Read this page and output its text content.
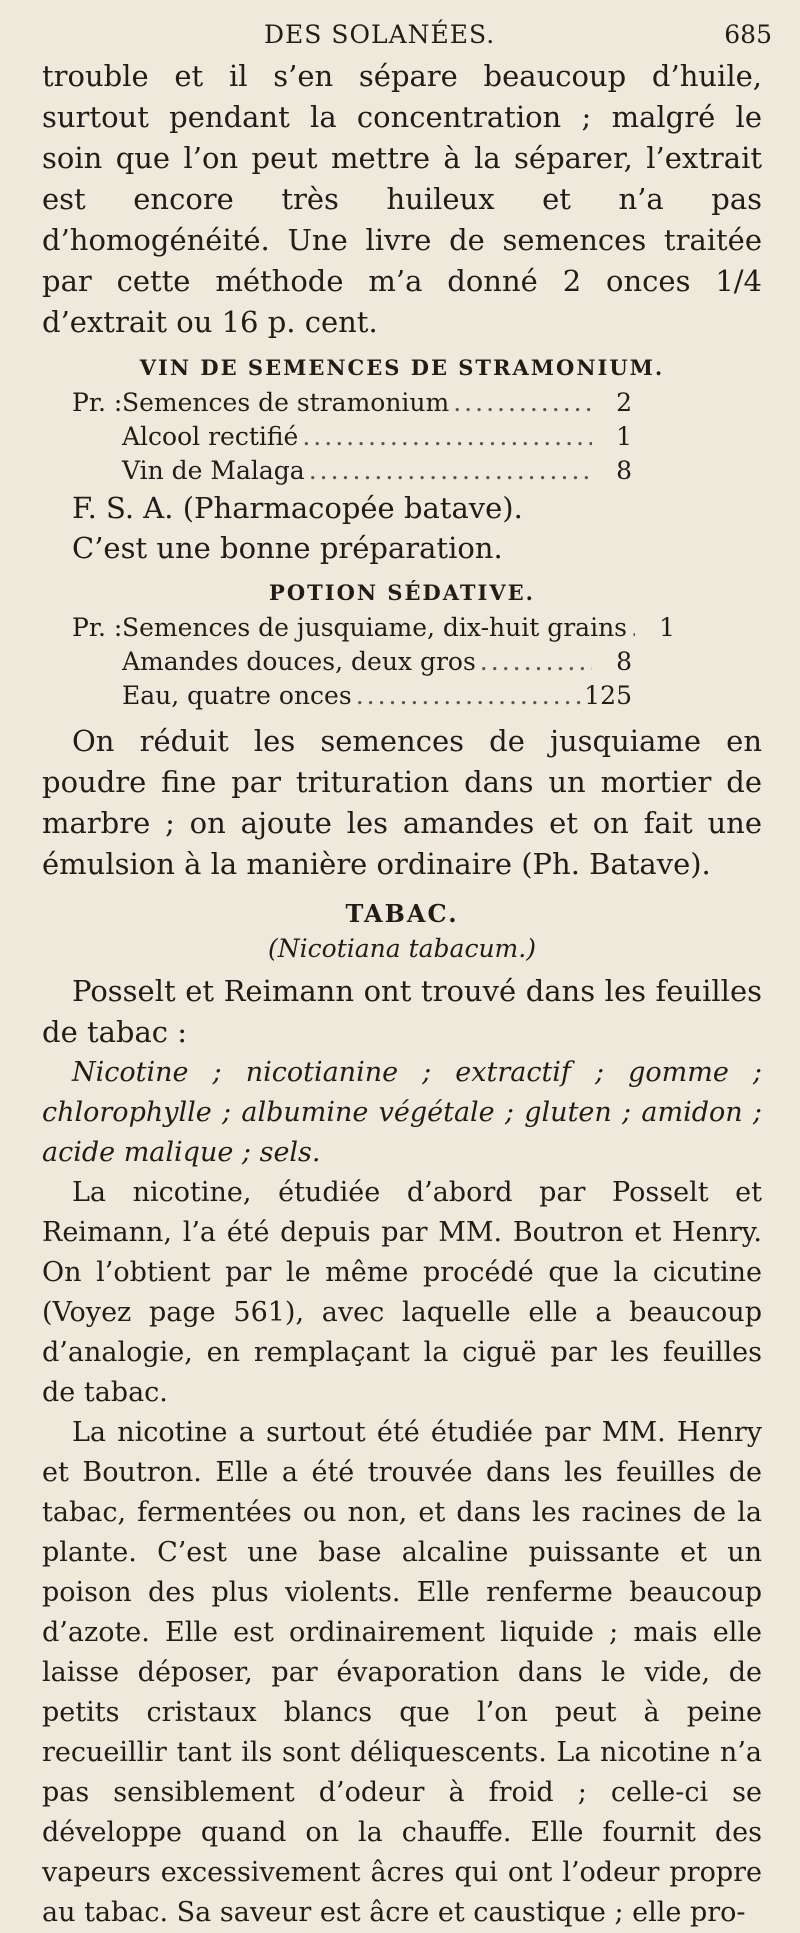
DES SOLANÉES.	685

trouble et il s’en sépare beaucoup d’huile, surtout pendant la concentration ; malgré le soin que l’on peut mettre à la séparer, l’extrait est encore très huileux et n’a pas d’homogénéité. Une livre de semences traitée par cette méthode m’a donné 2 onces 1/4 d’extrait ou 16 p. cent.

VIN DE SEMENCES DE STRAMONIUM.
Pr. : Semences de stramonium .....	2
Alcool rectifié .....	1
Vin de Malaga .....	8

F. S. A. (Pharmacopée batave).

C’est une bonne préparation.

POTION SÉDATIVE.
Pr. : Semences de jusquiame, dix-huit grains .....	1
Amandes douces, deux gros .....	8
Eau, quatre onces .....	125

On réduit les semences de jusquiame en poudre fine par trituration dans un mortier de marbre ; on ajoute les amandes et on fait une émulsion à la manière ordinaire (Ph. Batave).

TABAC.
(Nicotiana tabacum.)

Posselt et Reimann ont trouvé dans les feuilles de tabac :

Nicotine ; nicotianine ; extractif ; gomme ; chlorophylle ; albumine végétale ; gluten ; amidon ; acide malique ; sels.

La nicotine, étudiée d’abord par Posselt et Reimann, l’a été depuis par MM. Boutron et Henry. On l’obtient par le même procédé que la cicutine (Voyez page 561), avec laquelle elle a beaucoup d’analogie, en remplaçant la ciguë par les feuilles de tabac.

La nicotine a surtout été étudiée par MM. Henry et Boutron. Elle a été trouvée dans les feuilles de tabac, fermentées ou non, et dans les racines de la plante. C’est une base alcaline puissante et un poison des plus violents. Elle renferme beaucoup d’azote. Elle est ordinairement liquide ; mais elle laisse déposer, par évaporation dans le vide, de petits cristaux blancs que l’on peut à peine recueillir tant ils sont déliquescents. La nicotine n’a pas sensiblement d’odeur à froid ; celle-ci se développe quand on la chauffe. Elle fournit des vapeurs excessivement âcres qui ont l’odeur propre au tabac. Sa saveur est âcre et caustique ; elle pro-
